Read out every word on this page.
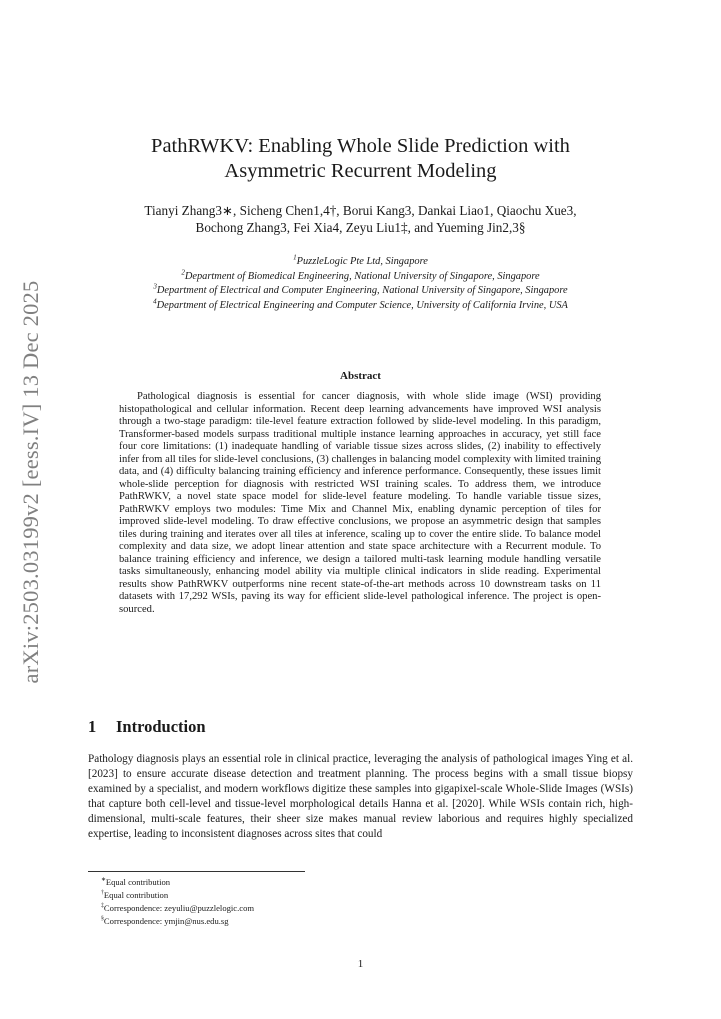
arXiv:2503.03199v2 [eess.IV] 13 Dec 2025
PathRWKV: Enabling Whole Slide Prediction with
Asymmetric Recurrent Modeling
Tianyi Zhang3∗, Sicheng Chen1,4†, Borui Kang3, Dankai Liao1, Qiaochu Xue3,
Bochong Zhang3, Fei Xia4, Zeyu Liu1‡, and Yueming Jin2,3§
$^1$PuzzleLogic Pte Ltd, Singapore
$^2$Department of Biomedical Engineering, National University of Singapore, Singapore
$^3$Department of Electrical and Computer Engineering, National University of Singapore, Singapore
$^4$Department of Electrical Engineering and Computer Science, University of California Irvine, USA
Abstract
Pathological diagnosis is essential for cancer diagnosis, with whole slide image (WSI) providing histopathological and cellular information. Recent deep learning advancements have improved WSI analysis through a two-stage paradigm: tile-level feature extraction followed by slide-level modeling. In this paradigm, Transformer-based models surpass traditional multiple instance learning approaches in accuracy, yet still face four core limitations: (1) inadequate handling of variable tissue sizes across slides, (2) inability to effectively infer from all tiles for slide-level conclusions, (3) challenges in balancing model complexity with limited training data, and (4) difficulty balancing training efficiency and inference performance. Consequently, these issues limit whole-slide perception for diagnosis with restricted WSI training scales. To address them, we introduce PathRWKV, a novel state space model for slide-level feature modeling. To handle variable tissue sizes, PathRWKV employs two modules: Time Mix and Channel Mix, enabling dynamic perception of tiles for improved slide-level modeling. To draw effective conclusions, we propose an asymmetric design that samples tiles during training and iterates over all tiles at inference, scaling up to cover the entire slide. To balance model complexity and data size, we adopt linear attention and state space architecture with a Recurrent module. To balance training efficiency and inference, we design a tailored multi-task learning module handling versatile tasks simultaneously, enhancing model ability via multiple clinical indicators in slide reading. Experimental results show PathRWKV outperforms nine recent state-of-the-art methods across 10 downstream tasks on 11 datasets with 17,292 WSIs, paving its way for efficient slide-level pathological inference. The project is open-sourced.
1 Introduction
Pathology diagnosis plays an essential role in clinical practice, leveraging the analysis of pathological images Ying et al. [2023] to ensure accurate disease detection and treatment planning. The process begins with a small tissue biopsy examined by a specialist, and modern workflows digitize these samples into gigapixel-scale Whole-Slide Images (WSIs) that capture both cell-level and tissue-level morphological details Hanna et al. [2020]. While WSIs contain rich, high-dimensional, multi-scale features, their sheer size makes manual review laborious and requires highly specialized expertise, leading to inconsistent diagnoses across sites that could
∗Equal contribution
†Equal contribution
‡Correspondence: zeyuliu@puzzlelogic.com
§Correspondence: ymjin@nus.edu.sg
1
